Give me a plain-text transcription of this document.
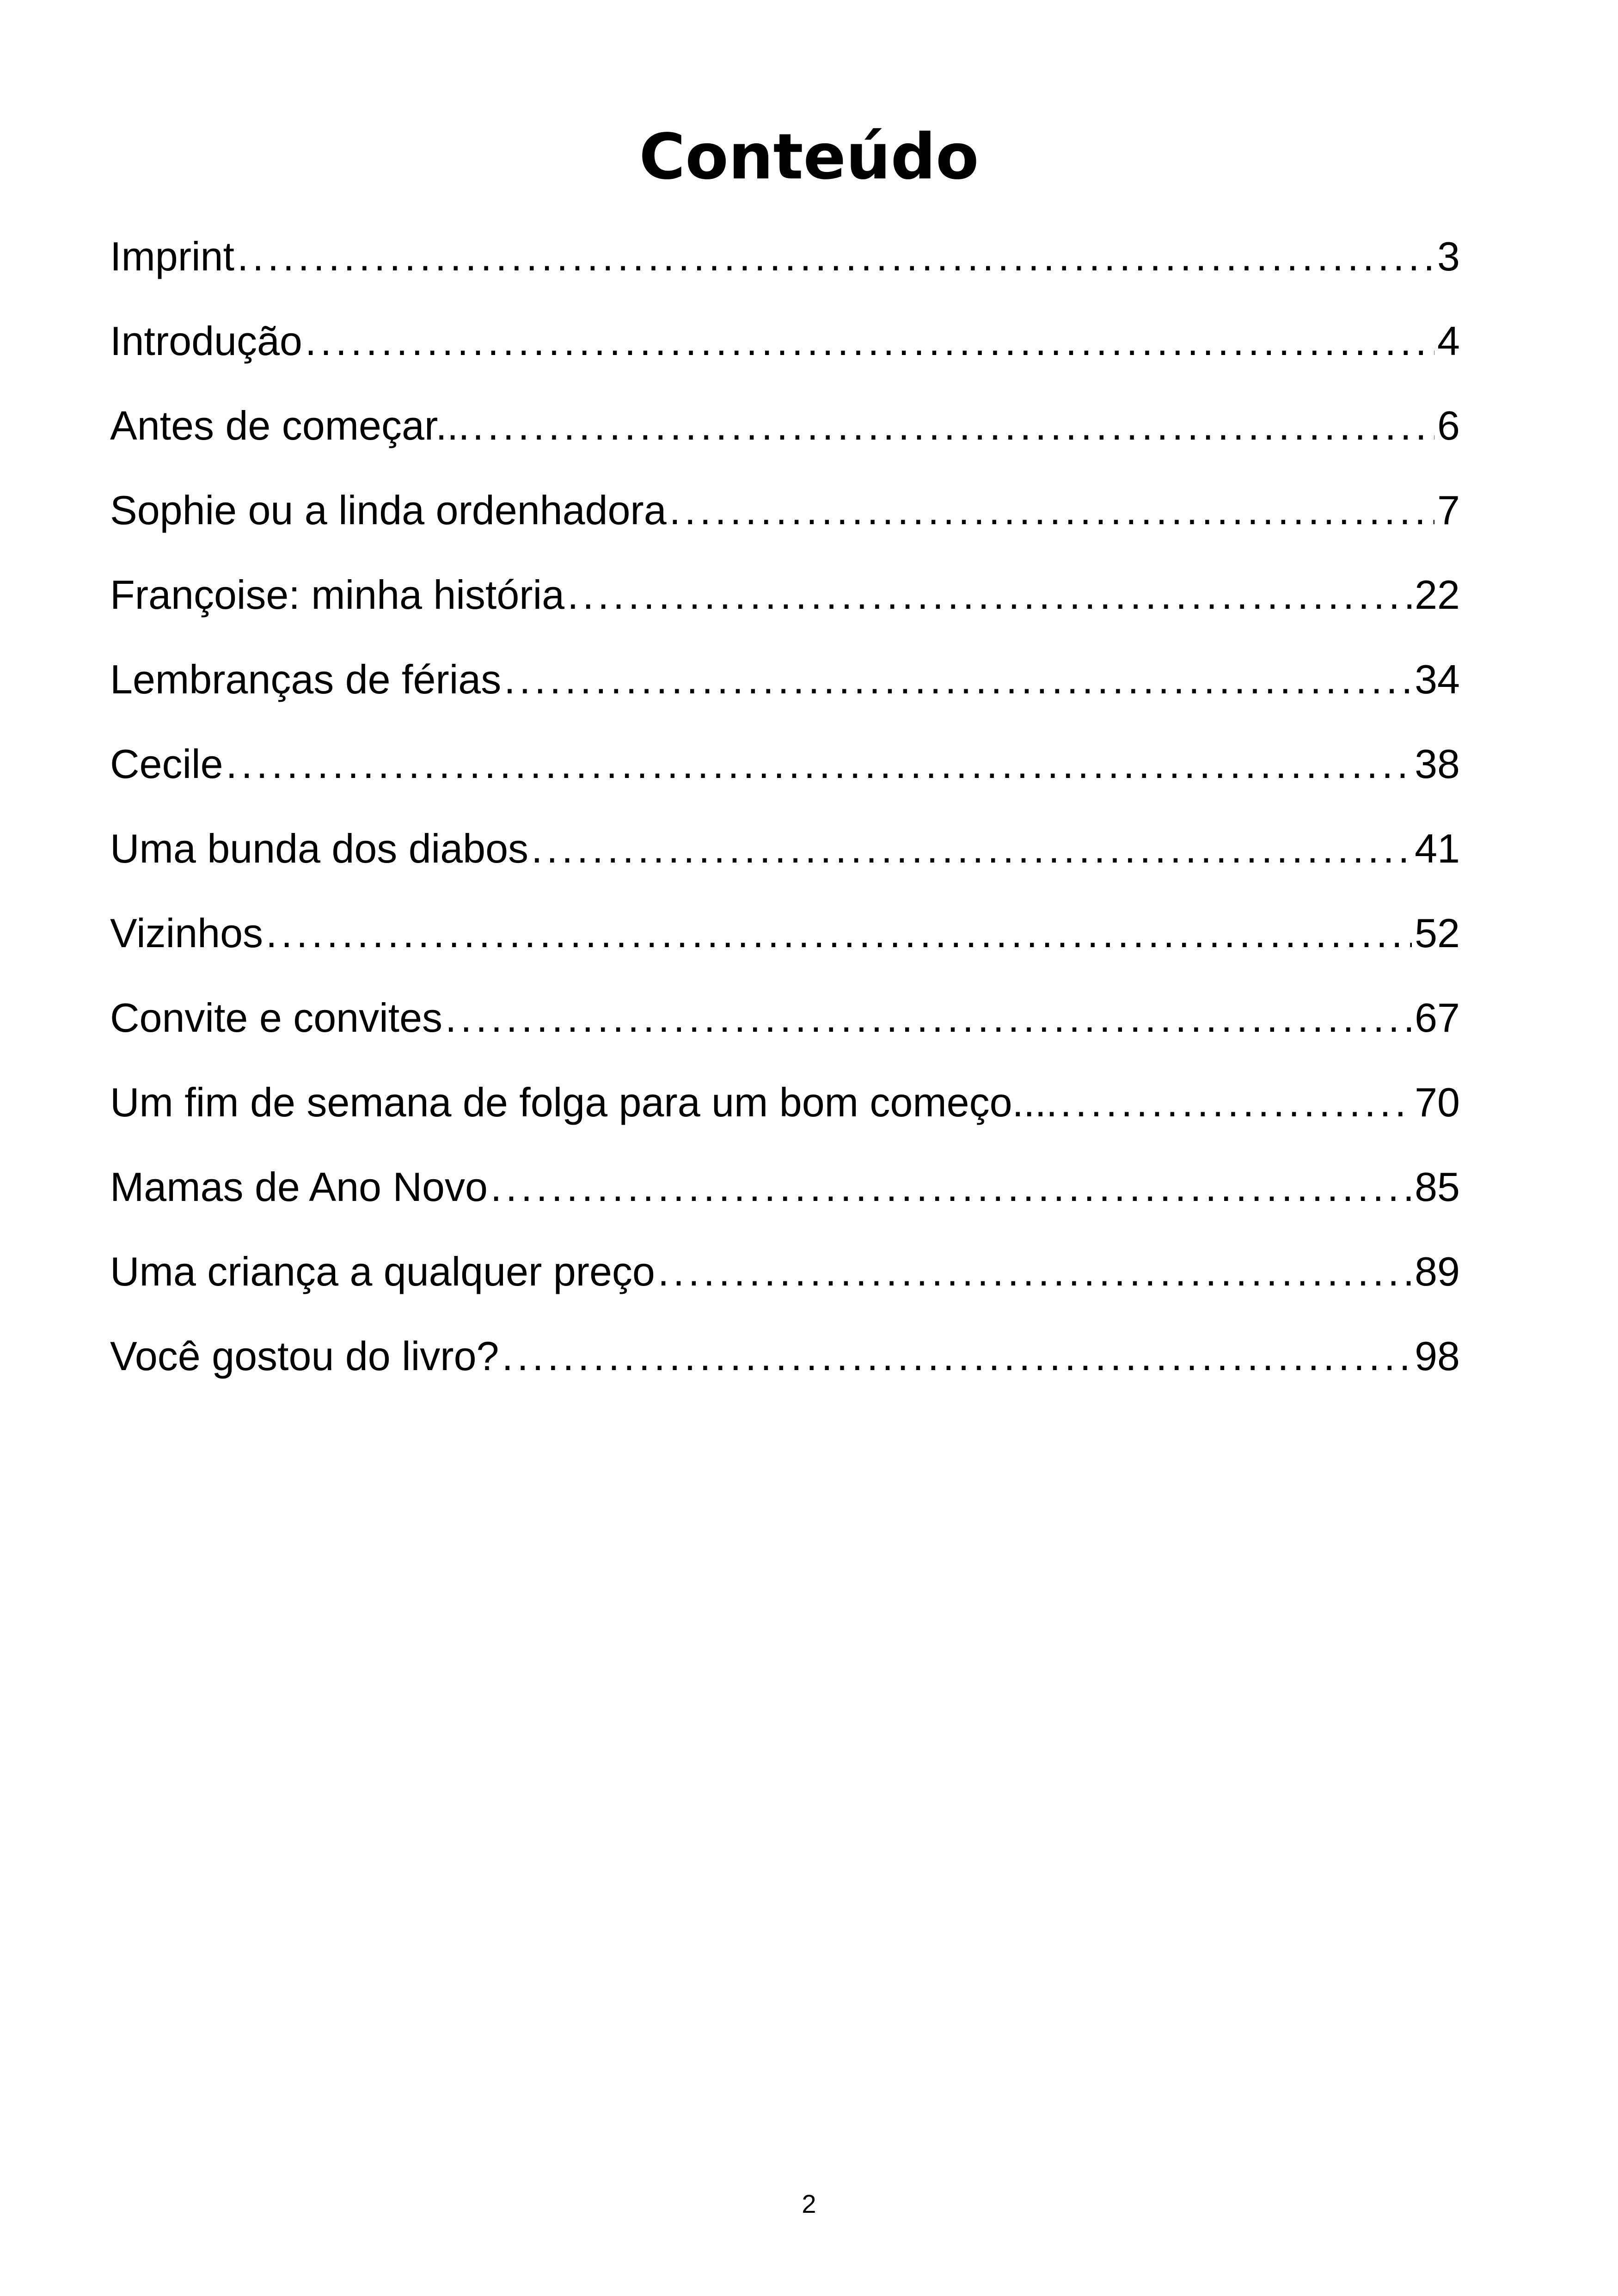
Conteúdo
Imprint . . .	3
Introdução . . .	4
Antes de começar... . . .	6
Sophie ou a linda ordenhadora . . .	7
Françoise: minha história . . .	22
Lembranças de férias . . .	34
Cecile . . .	38
Uma bunda dos diabos . . .	41
Vizinhos . . .	52
Convite e convites . . .	67
Um fim de semana de folga para um bom começo.... . . .	70
Mamas de Ano Novo . . .	85
Uma criança a qualquer preço . . .	89
Você gostou do livro? . . .	98
2
